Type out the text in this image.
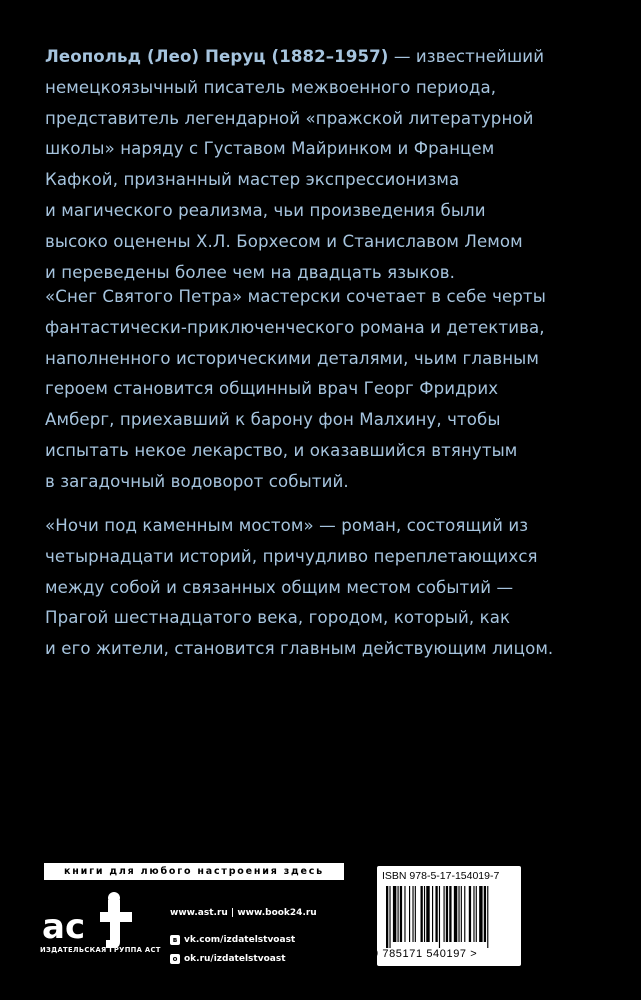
Леопольд (Лео) Перуц (1882–1957) — известнейший
немецкоязычный писатель межвоенного периода,
представитель легендарной «пражской литературной
школы» наряду с Густавом Майринком и Францем
Кафкой, признанный мастер экспрессионизма
и магического реализма, чьи произведения были
высоко оценены Х.Л. Борхесом и Станиславом Лемом
и переведены более чем на двадцать языков.
«Снег Святого Петра» мастерски сочетает в себе черты
фантастически-приключенческого романа и детектива,
наполненного историческими деталями, чьим главным
героем становится общинный врач Георг Фридрих
Амберг, приехавший к барону фон Малхину, чтобы
испытать некое лекарство, и оказавшийся втянутым
в загадочный водоворот событий.
«Ночи под каменным мостом» — роман, состоящий из
четырнадцати историй, причудливо переплетающихся
между собой и связанных общим местом событий —
Прагой шестнадцатого века, городом, который, как
и его жители, становится главным действующим лицом.
книги для любого настроения здесь
ac
ИЗДАТЕЛЬСКАЯ ГРУППА АСТ
www.ast.ru | www.book24.ru
в vk.com/izdatelstvoast
о ok.ru/izdatelstvoast
ISBN 978-5-17-154019-7
9 785171 540197 >
